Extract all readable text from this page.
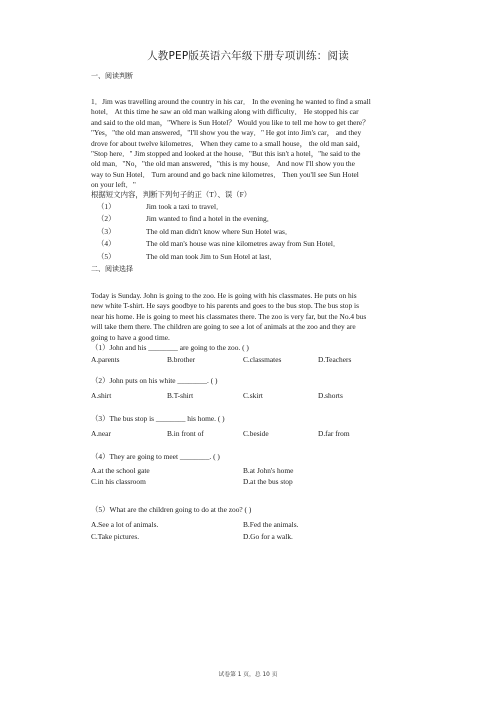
人教PEP版英语六年级下册专项训练：阅读
一、阅读判断
1．Jim was travelling around the country in his car． In the evening he wanted to find a small
hotel． At this time he saw an old man walking along with difficulty． He stopped his car
and said to the old man，"Where is Sun Hotel？ Would you like to tell me how to get there？
"Yes，"the old man answered，"I'll show you the way．" He got into Jim's car， and they
drove for about twelve kilometres． When they came to a small house， the old man said，
"Stop here．" Jim stopped and looked at the house．"But this isn't a hotel，"he said to the
old man．"No，"the old man answered，"this is my house． And now I'll show you the
way to Sun Hotel． Turn around and go back nine kilometres． Then you'll see Sun Hotel
on your left．"
根据短文内容，判断下列句子的正（T）、误（F）
（1）	Jim took a taxi to travel．
（2）	Jim wanted to find a hotel in the evening．
（3）	The old man didn't know where Sun Hotel was．
（4）	The old man's house was nine kilometres away from Sun Hotel．
（5）	The old man took Jim to Sun Hotel at last．
二、阅读选择
Today is Sunday. John is going to the zoo. He is going with his classmates. He puts on his
new white T-shirt. He says goodbye to his parents and goes to the bus stop. The bus stop is
near his home. He is going to meet his classmates there. The zoo is very far, but the No.4 bus
will take them there. The children are going to see a lot of animals at the zoo and they are
going to have a good time.
（1）John and his ________ are going to the zoo. ( )
A.parents	B.brother	C.classmates	D.Teachers
（2）John puts on his white ________. ( )
A.shirt	B.T-shirt	C.skirt	D.shorts
（3）The bus stop is ________ his home. ( )
A.near	B.in front of	C.beside	D.far from
（4）They are going to meet ________. ( )
A.at the school gate	B.at John's home
C.in his classroom	D.at the bus stop
（5）What are the children going to do at the zoo? ( )
A.See a lot of animals.	B.Fed the animals.
C.Take pictures.	D.Go for a walk.
试卷第 1 页，总 10 页
